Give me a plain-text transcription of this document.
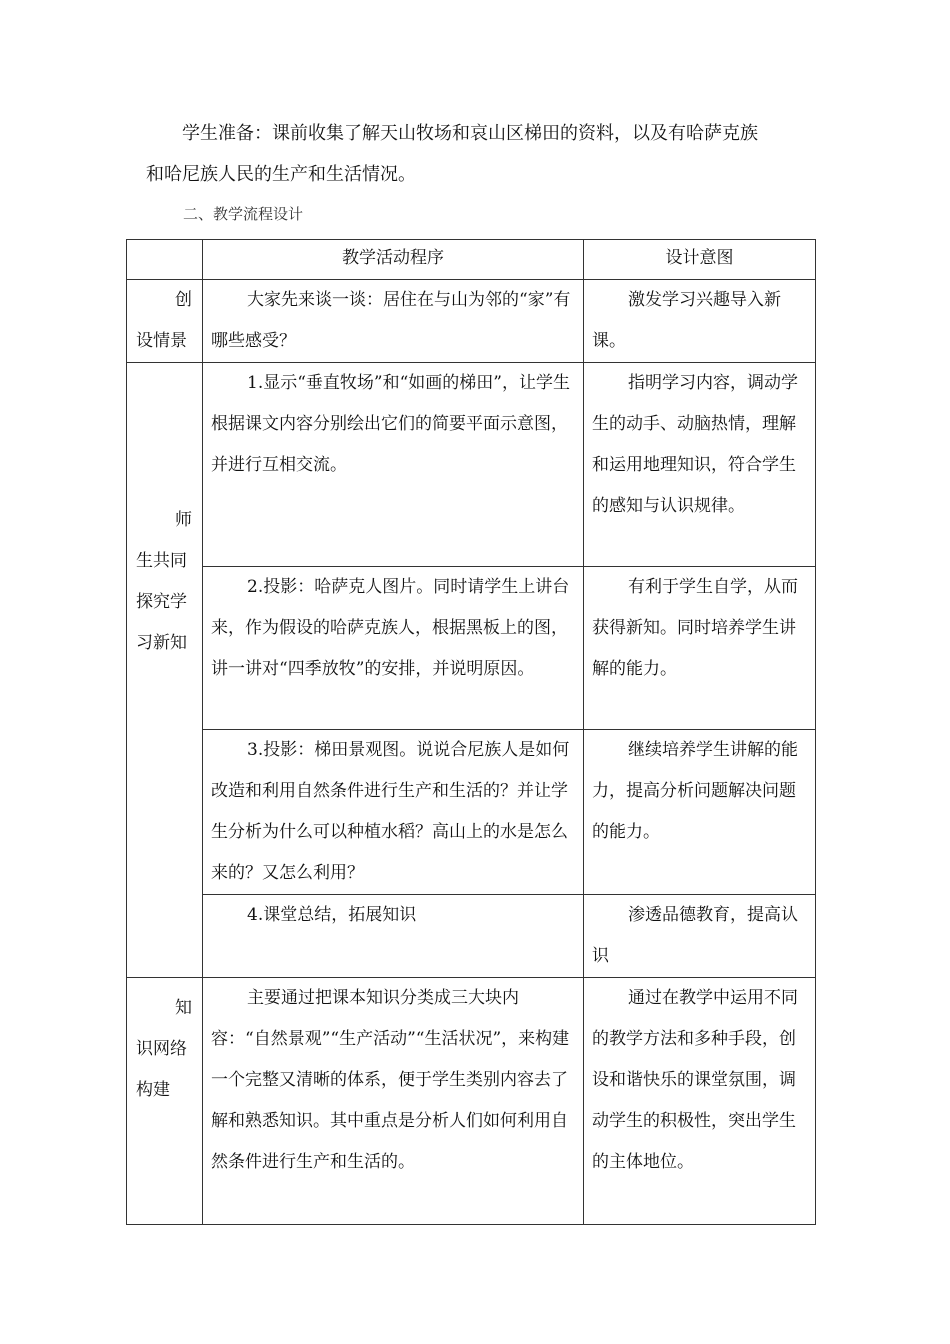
学生准备：课前收集了解天山牧场和哀山区梯田的资料，以及有哈萨克族
和哈尼族人民的生产和生活情况。

二、教学流程设计

	教学活动程序	设计意图

创
设情景	大家先来谈一谈：居住在与山为邻的“家”有哪些感受？	激发学习兴趣导入新课。

师
生共同探究学习新知	1.显示“垂直牧场”和“如画的梯田”，让学生根据课文内容分别绘出它们的简要平面示意图，并进行互相交流。	指明学习内容，调动学生的动手、动脑热情，理解和运用地理知识，符合学生的感知与认识规律。
	2.投影：哈萨克人图片。同时请学生上讲台来，作为假设的哈萨克族人，根据黑板上的图，讲一讲对“四季放牧”的安排，并说明原因。	有利于学生自学，从而获得新知。同时培养学生讲解的能力。
	3.投影：梯田景观图。说说合尼族人是如何改造和利用自然条件进行生产和生活的？并让学生分析为什么可以种植水稻？高山上的水是怎么来的？又怎么利用？	继续培养学生讲解的能力，提高分析问题解决问题的能力。
	4.课堂总结，拓展知识	渗透品德教育，提高认识

知
识网络构建	主要通过把课本知识分类成三大块内容：“自然景观”“生产活动”“生活状况”，来构建一个完整又清晰的体系，便于学生类别内容去了解和熟悉知识。其中重点是分析人们如何利用自然条件进行生产和生活的。	通过在教学中运用不同的教学方法和多种手段，创设和谐快乐的课堂氛围，调动学生的积极性，突出学生的主体地位。
